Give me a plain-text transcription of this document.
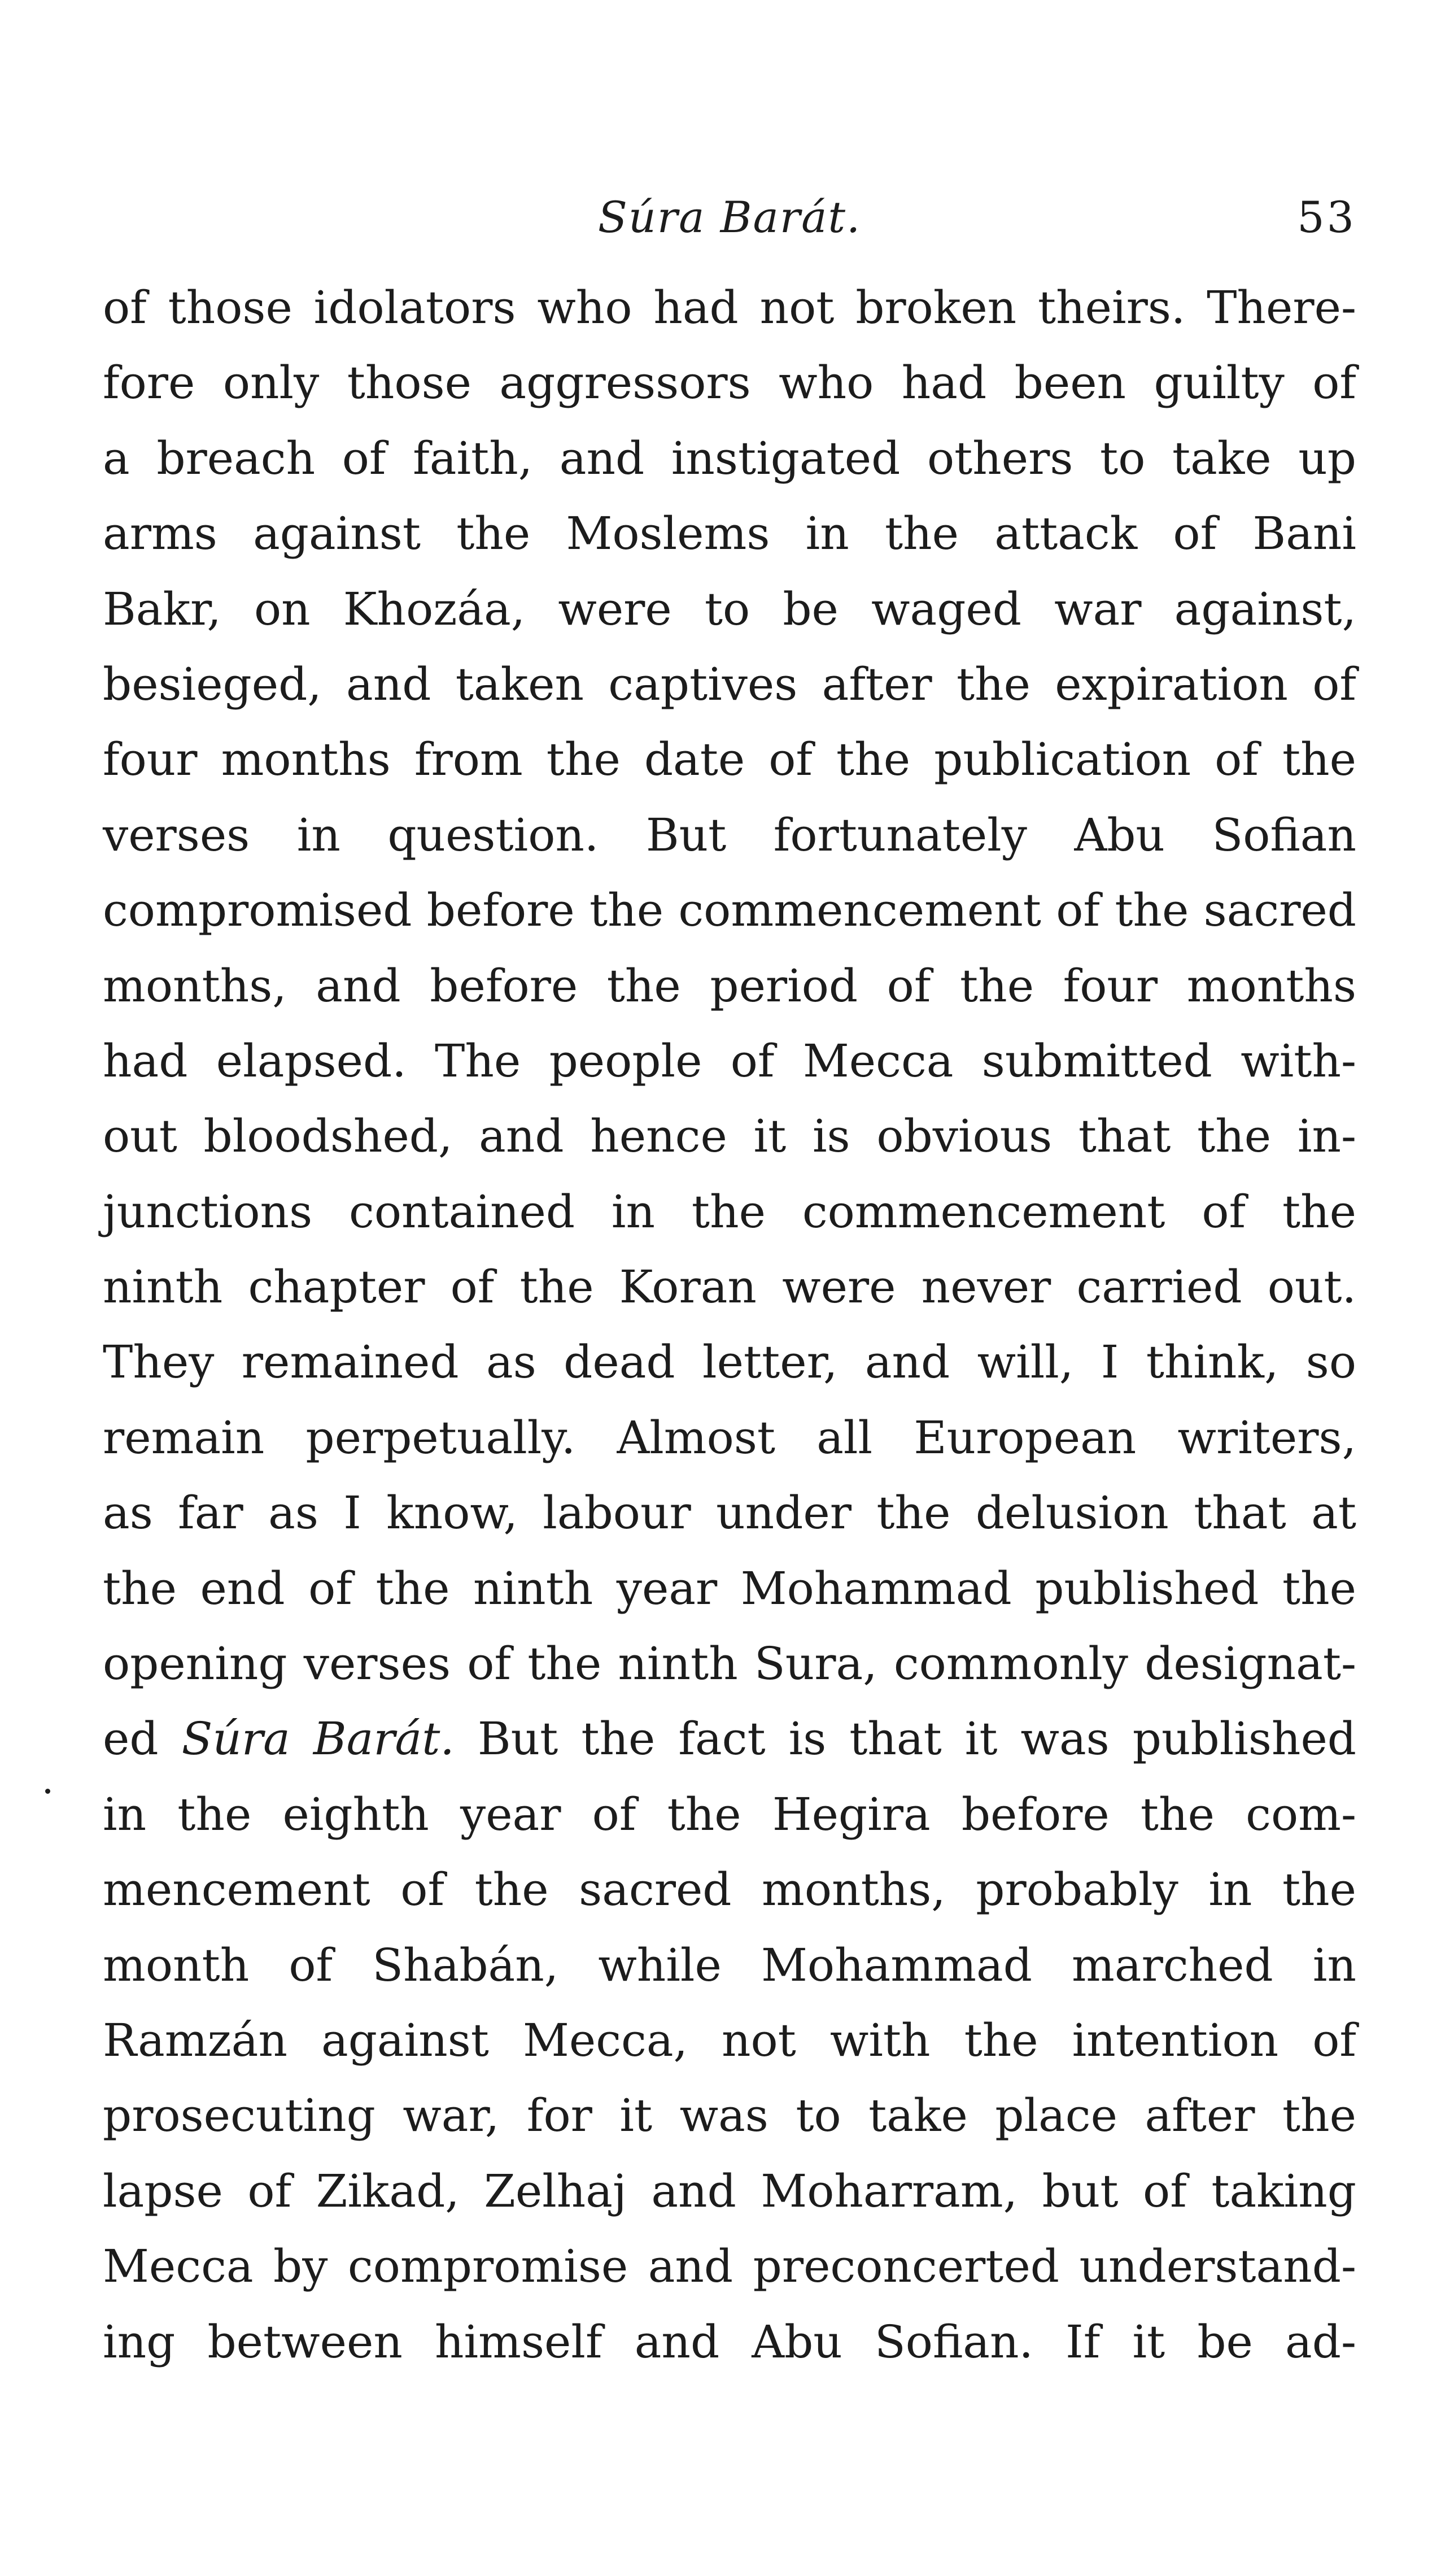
Súra Barát.	53
of those idolators who had not broken theirs. There-
fore only those aggressors who had been guilty of
a breach of faith, and instigated others to take up
arms against the Moslems in the attack of Bani
Bakr, on Khozáa, were to be waged war against,
besieged, and taken captives after the expiration of
four months from the date of the publication of the
verses in question. But fortunately Abu Sofian
compromised before the commencement of the sacred
months, and before the period of the four months
had elapsed. The people of Mecca submitted with-
out bloodshed, and hence it is obvious that the in-
junctions contained in the commencement of the
ninth chapter of the Koran were never carried out.
They remained as dead letter, and will, I think, so
remain perpetually. Almost all European writers,
as far as I know, labour under the delusion that at
the end of the ninth year Mohammad published the
opening verses of the ninth Sura, commonly designat-
ed Súra Barát. But the fact is that it was published
in the eighth year of the Hegira before the com-
mencement of the sacred months, probably in the
month of Shabán, while Mohammad marched in
Ramzán against Mecca, not with the intention of
prosecuting war, for it was to take place after the
lapse of Zikad, Zelhaj and Moharram, but of taking
Mecca by compromise and preconcerted understand-
ing between himself and Abu Sofian. If it be ad-
